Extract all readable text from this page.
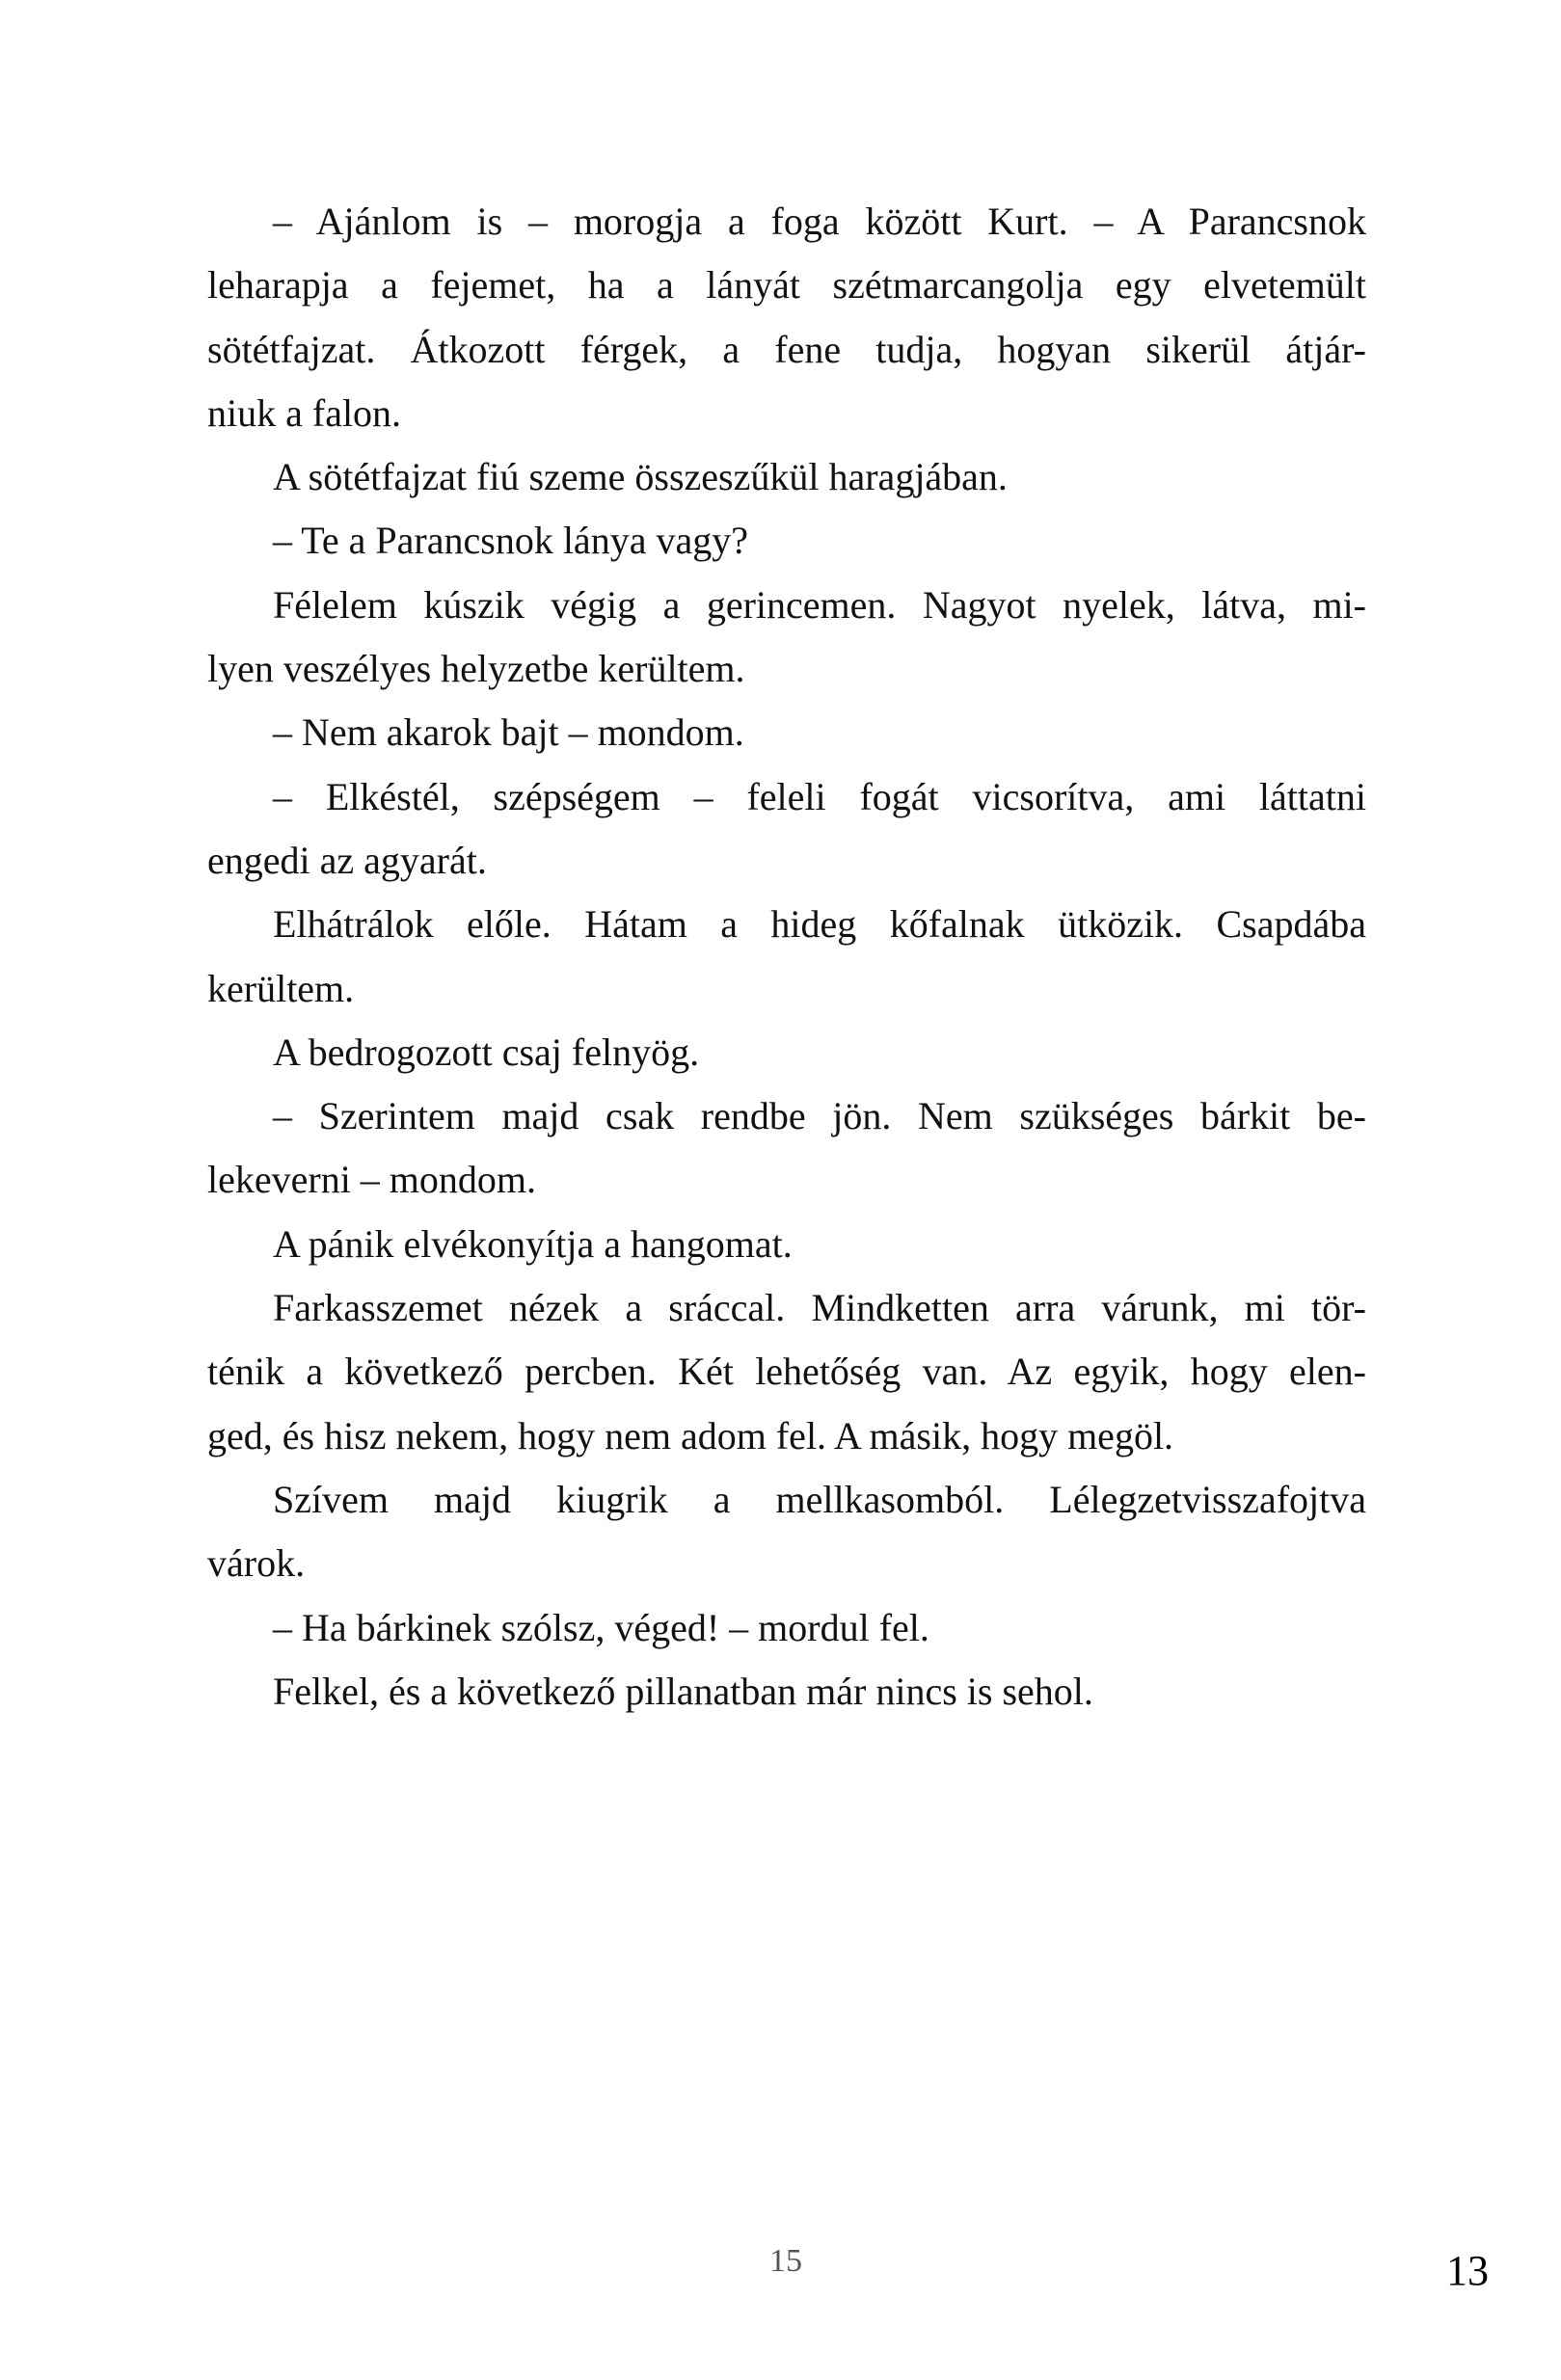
– Ajánlom is – morogja a foga között Kurt. – A Parancsnok
leharapja a fejemet, ha a lányát szétmarcangolja egy elvetemült
sötétfajzat. Átkozott férgek, a fene tudja, hogyan sikerül átjár-
niuk a falon.
A sötétfajzat fiú szeme összeszűkül haragjában.
– Te a Parancsnok lánya vagy?
Félelem kúszik végig a gerincemen. Nagyot nyelek, látva, mi-
lyen veszélyes helyzetbe kerültem.
– Nem akarok bajt – mondom.
– Elkéstél, szépségem – feleli fogát vicsorítva, ami láttatni
engedi az agyarát.
Elhátrálok előle. Hátam a hideg kőfalnak ütközik. Csapdába
kerültem.
A bedrogozott csaj felnyög.
– Szerintem majd csak rendbe jön. Nem szükséges bárkit be-
lekeverni – mondom.
A pánik elvékonyítja a hangomat.
Farkasszemet nézek a sráccal. Mindketten arra várunk, mi tör-
ténik a következő percben. Két lehetőség van. Az egyik, hogy elen-
ged, és hisz nekem, hogy nem adom fel. A másik, hogy megöl.
Szívem majd kiugrik a mellkasomból. Lélegzetvisszafojtva
várok.
– Ha bárkinek szólsz, véged! – mordul fel.
Felkel, és a következő pillanatban már nincs is sehol.
15	13
